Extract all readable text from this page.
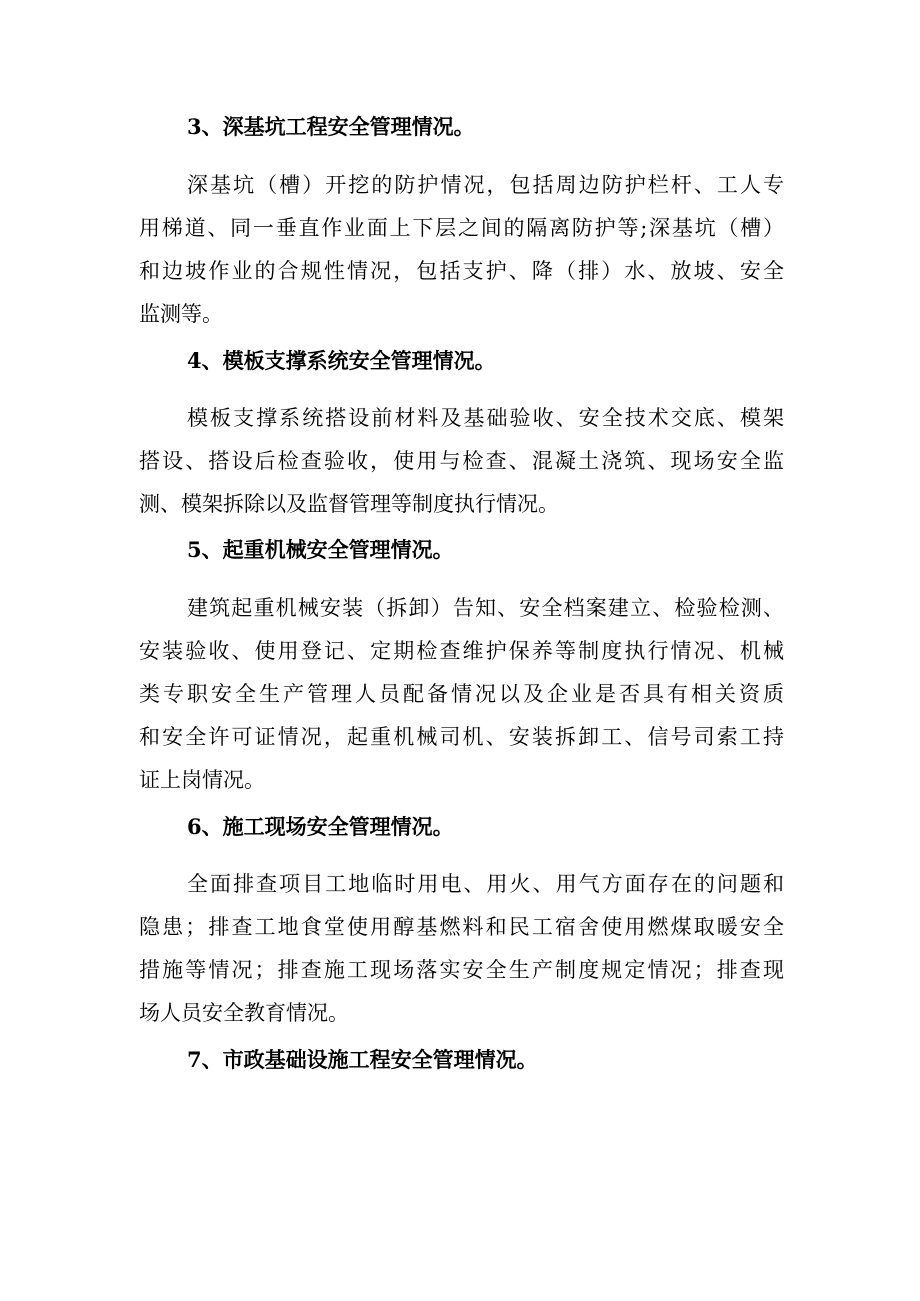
3、深基坑工程安全管理情况。
深基坑（槽）开挖的防护情况，包括周边防护栏杆、工人专
用梯道、同一垂直作业面上下层之间的隔离防护等;深基坑（槽）
和边坡作业的合规性情况，包括支护、降（排）水、放坡、安全
监测等。
4、模板支撑系统安全管理情况。
模板支撑系统搭设前材料及基础验收、安全技术交底、模架
搭设、搭设后检查验收，使用与检查、混凝土浇筑、现场安全监
测、模架拆除以及监督管理等制度执行情况。
5、起重机械安全管理情况。
建筑起重机械安装（拆卸）告知、安全档案建立、检验检测、
安装验收、使用登记、定期检查维护保养等制度执行情况、机械
类专职安全生产管理人员配备情况以及企业是否具有相关资质
和安全许可证情况，起重机械司机、安装拆卸工、信号司索工持
证上岗情况。
6、施工现场安全管理情况。
全面排查项目工地临时用电、用火、用气方面存在的问题和
隐患；排查工地食堂使用醇基燃料和民工宿舍使用燃煤取暖安全
措施等情况；排查施工现场落实安全生产制度规定情况；排查现
场人员安全教育情况。
7、市政基础设施工程安全管理情况。
